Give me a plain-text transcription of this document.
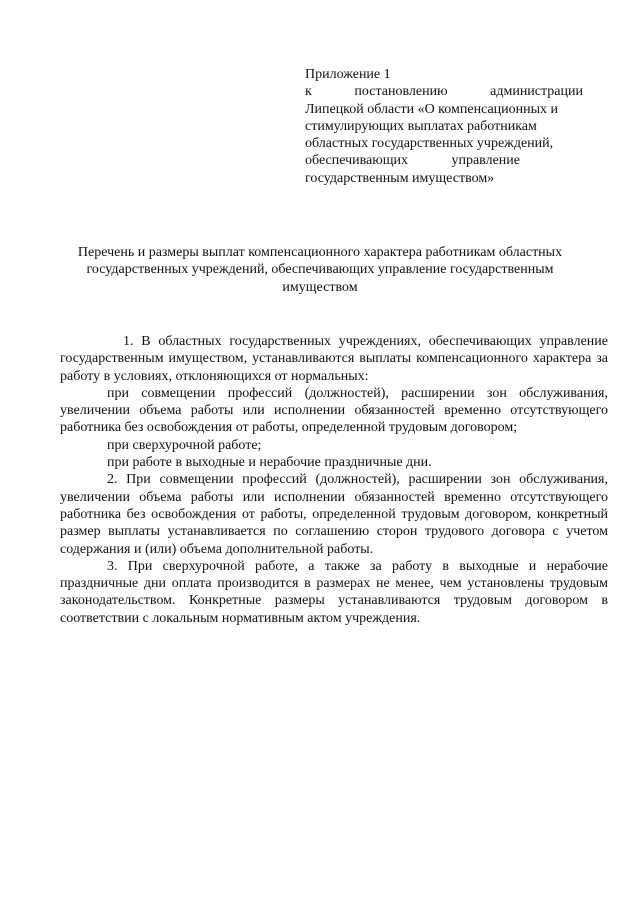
Приложение 1
к постановлению администрации
Липецкой области «О компенсационных и
стимулирующих выплатах работникам
областных государственных учреждений,
обеспечивающих управление
государственным имуществом»
Перечень и размеры выплат компенсационного характера работникам областных государственных учреждений, обеспечивающих управление государственным имуществом

1. В областных государственных учреждениях, обеспечивающих управление государственным имуществом, устанавливаются выплаты компенсационного характера за работу в условиях, отклоняющихся от нормальных:

при совмещении профессий (должностей), расширении зон обслуживания, увеличении объема работы или исполнении обязанностей временно отсутствующего работника без освобождения от работы, определенной трудовым договором;

при сверхурочной работе;

при работе в выходные и нерабочие праздничные дни.

2. При совмещении профессий (должностей), расширении зон обслуживания, увеличении объема работы или исполнении обязанностей временно отсутствующего работника без освобождения от работы, определенной трудовым договором, конкретный размер выплаты устанавливается по соглашению сторон трудового договора с учетом содержания и (или) объема дополнительной работы.

3. При сверхурочной работе, а также за работу в выходные и нерабочие праздничные дни оплата производится в размерах не менее, чем установлены трудовым законодательством. Конкретные размеры устанавливаются трудовым договором в соответствии с локальным нормативным актом учреждения.
